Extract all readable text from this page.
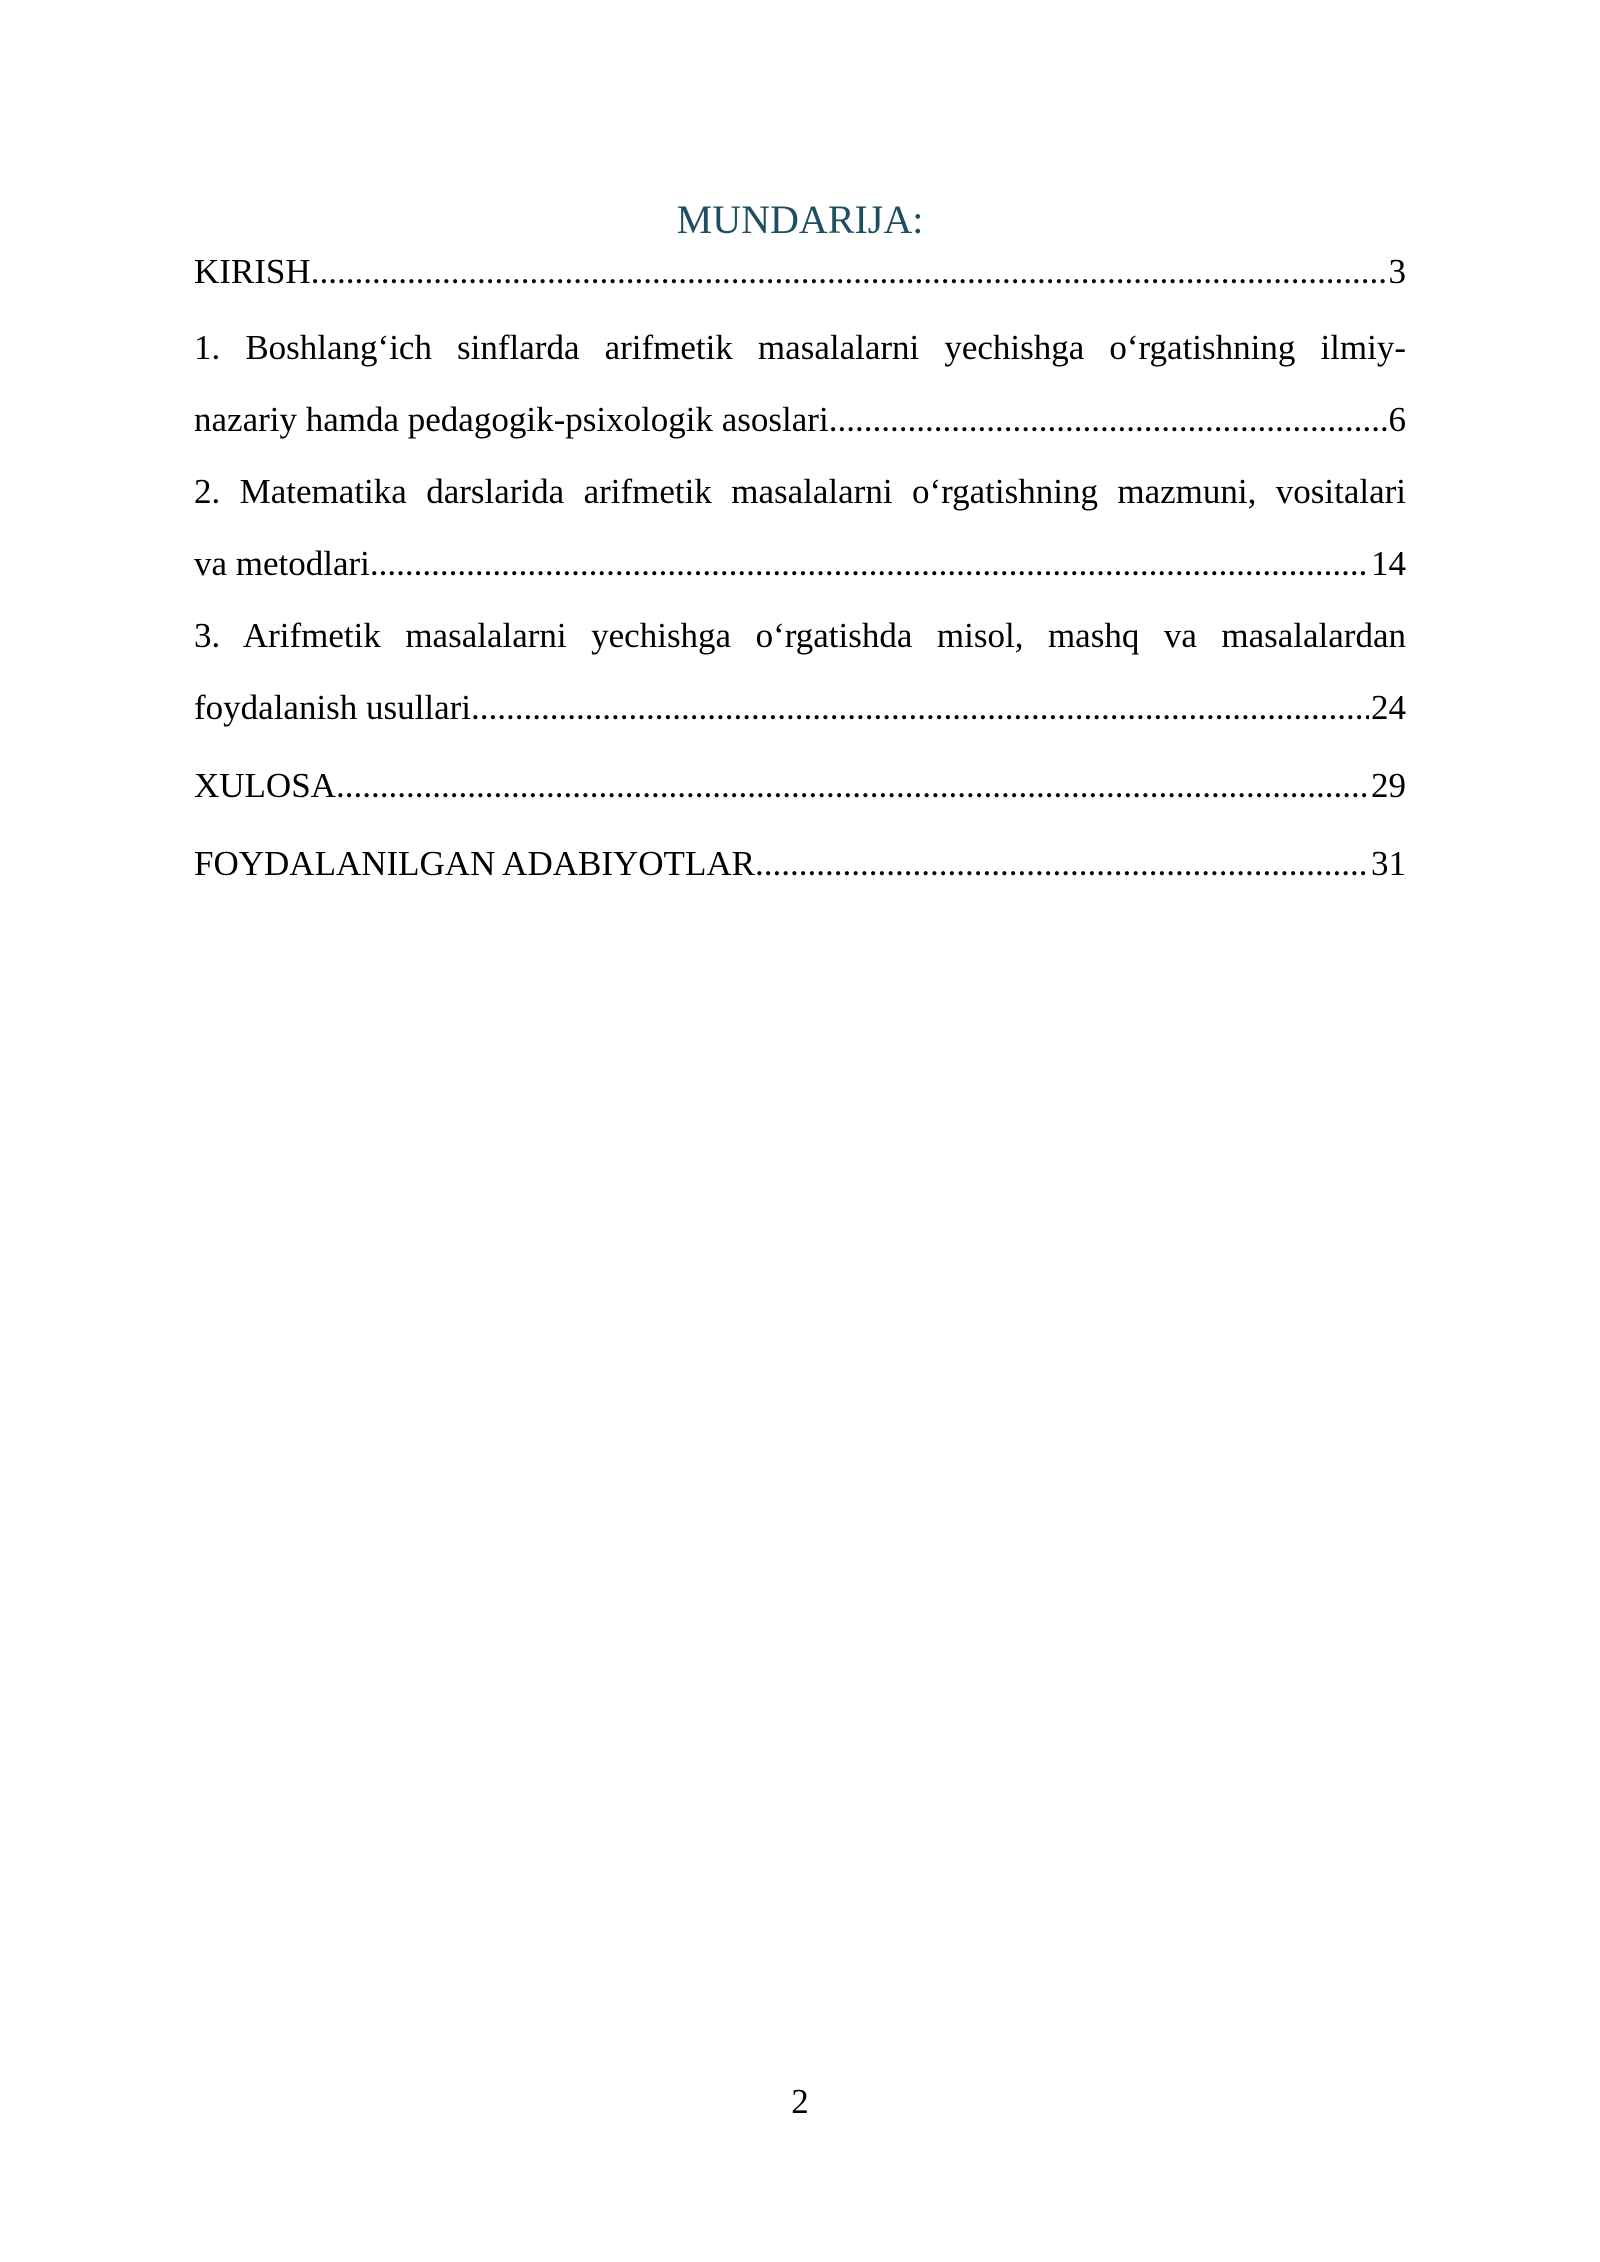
MUNDARIJA:
KIRISH .....	3
1. Boshlang‘ich sinflarda arifmetik masalalarni yechishga o‘rgatishning ilmiy-
nazariy hamda pedagogik-psixologik asoslari .....	6
2. Matematika darslarida arifmetik masalalarni o‘rgatishning mazmuni, vositalari
va metodlari .....	14
3. Arifmetik masalalarni yechishga o‘rgatishda misol, mashq va masalalardan
foydalanish usullari .....	24
XULOSA .....	29
FOYDALANILGAN ADABIYOTLAR .....	31
2
